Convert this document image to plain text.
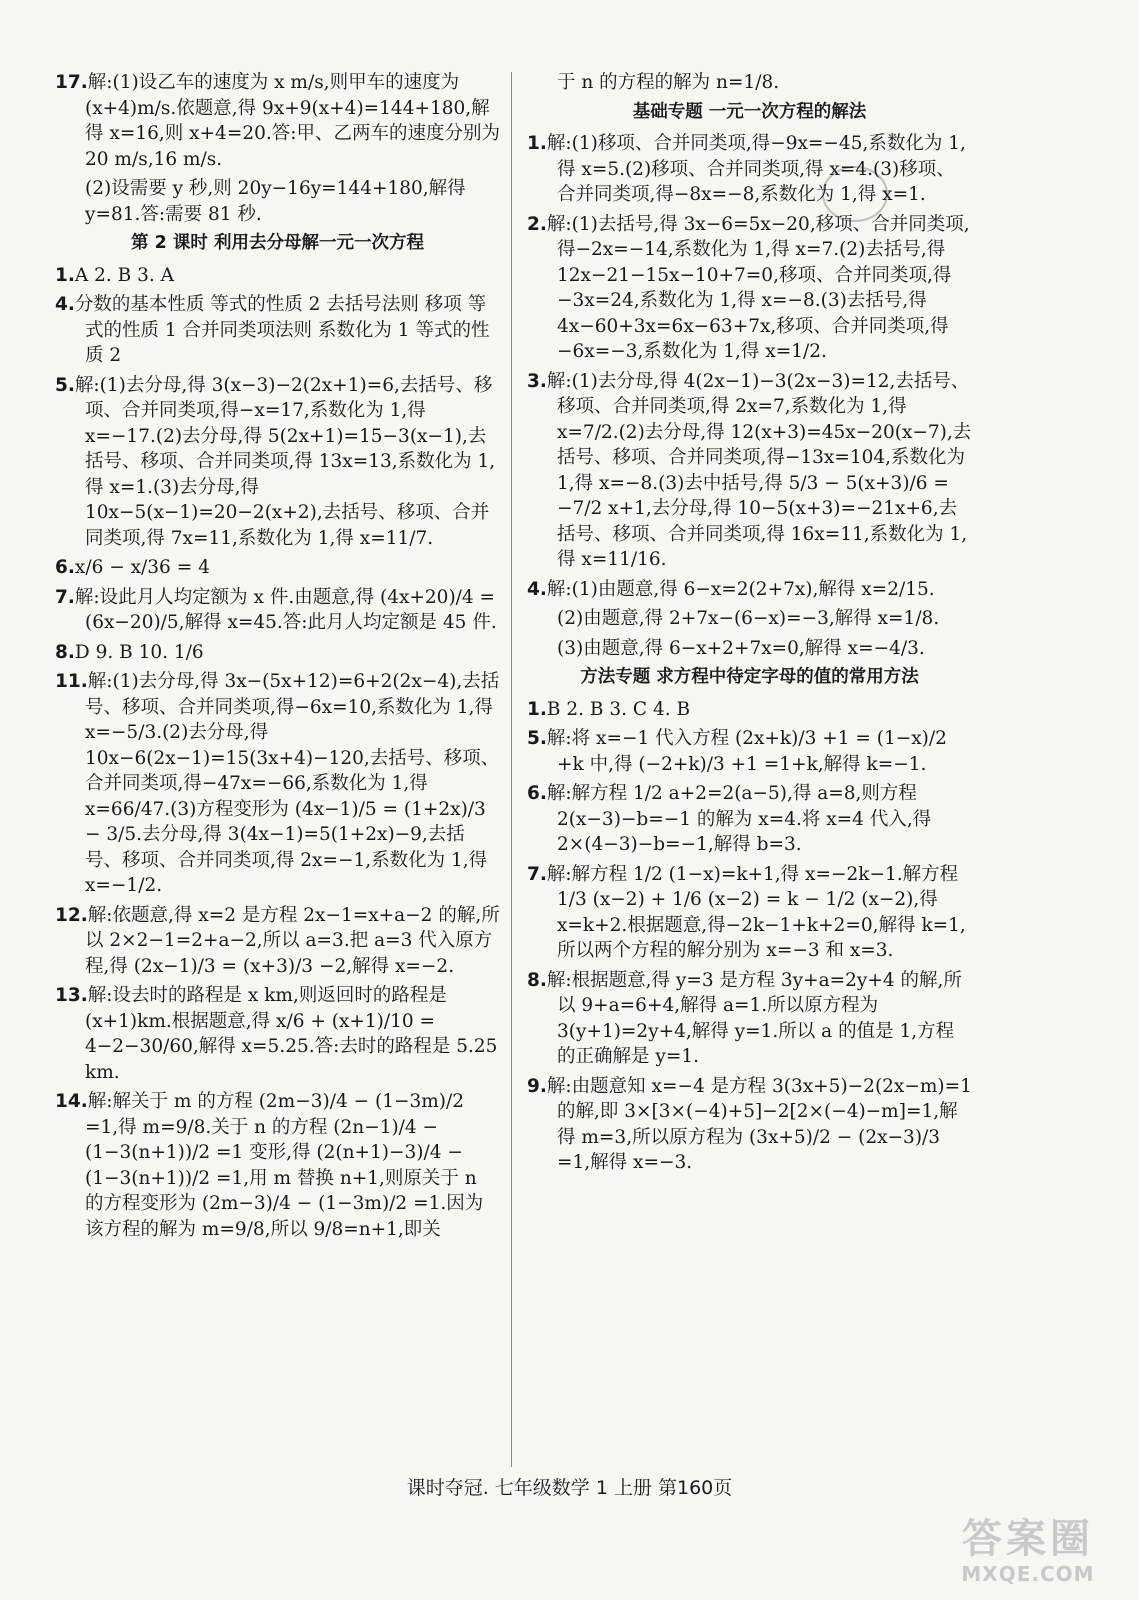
17.解:(1)设乙车的速度为 x m/s,则甲车的速度为(x+4)m/s.依题意,得 9x+9(x+4)=144+180,解得 x=16,则 x+4=20.答:甲、乙两车的速度分别为 20 m/s,16 m/s.
(2)设需要 y 秒,则 20y−16y=144+180,解得 y=81.答:需要 81 秒.
第 2 课时 利用去分母解一元一次方程
1.A 2. B 3. A
4.分数的基本性质 等式的性质 2 去括号法则 移项 等式的性质 1 合并同类项法则 系数化为 1 等式的性质 2
5.解:(1)去分母,得 3(x−3)−2(2x+1)=6,去括号、移项、合并同类项,得−x=17,系数化为 1,得 x=−17.(2)去分母,得 5(2x+1)=15−3(x−1),去括号、移项、合并同类项,得 13x=13,系数化为 1,得 x=1.(3)去分母,得 10x−5(x−1)=20−2(x+2),去括号、移项、合并同类项,得 7x=11,系数化为 1,得 x=11/7.
6.x/6 − x/36 = 4
7.解:设此月人均定额为 x 件.由题意,得 (4x+20)/4 = (6x−20)/5,解得 x=45.答:此月人均定额是 45 件.
8.D 9. B 10. 1/6
11.解:(1)去分母,得 3x−(5x+12)=6+2(2x−4),去括号、移项、合并同类项,得−6x=10,系数化为 1,得 x=−5/3.(2)去分母,得 10x−6(2x−1)=15(3x+4)−120,去括号、移项、合并同类项,得−47x=−66,系数化为 1,得 x=66/47.(3)方程变形为 (4x−1)/5 = (1+2x)/3 − 3/5.去分母,得 3(4x−1)=5(1+2x)−9,去括号、移项、合并同类项,得 2x=−1,系数化为 1,得 x=−1/2.
12.解:依题意,得 x=2 是方程 2x−1=x+a−2 的解,所以 2×2−1=2+a−2,所以 a=3.把 a=3 代入原方程,得 (2x−1)/3 = (x+3)/3 −2,解得 x=−2.
13.解:设去时的路程是 x km,则返回时的路程是(x+1)km.根据题意,得 x/6 + (x+1)/10 = 4−2−30/60,解得 x=5.25.答:去时的路程是 5.25 km.
14.解:解关于 m 的方程 (2m−3)/4 − (1−3m)/2 =1,得 m=9/8.关于 n 的方程 (2n−1)/4 − (1−3(n+1))/2 =1 变形,得 (2(n+1)−3)/4 − (1−3(n+1))/2 =1,用 m 替换 n+1,则原关于 n 的方程变形为 (2m−3)/4 − (1−3m)/2 =1.因为该方程的解为 m=9/8,所以 9/8=n+1,即关
于 n 的方程的解为 n=1/8.
基础专题 一元一次方程的解法
1.解:(1)移项、合并同类项,得−9x=−45,系数化为 1,得 x=5.(2)移项、合并同类项,得 x=4.(3)移项、合并同类项,得−8x=−8,系数化为 1,得 x=1.
2.解:(1)去括号,得 3x−6=5x−20,移项、合并同类项,得−2x=−14,系数化为 1,得 x=7.(2)去括号,得 12x−21−15x−10+7=0,移项、合并同类项,得−3x=24,系数化为 1,得 x=−8.(3)去括号,得 4x−60+3x=6x−63+7x,移项、合并同类项,得−6x=−3,系数化为 1,得 x=1/2.
3.解:(1)去分母,得 4(2x−1)−3(2x−3)=12,去括号、移项、合并同类项,得 2x=7,系数化为 1,得 x=7/2.(2)去分母,得 12(x+3)=45x−20(x−7),去括号、移项、合并同类项,得−13x=104,系数化为 1,得 x=−8.(3)去中括号,得 5/3 − 5(x+3)/6 = −7/2 x+1,去分母,得 10−5(x+3)=−21x+6,去括号、移项、合并同类项,得 16x=11,系数化为 1,得 x=11/16.
4.解:(1)由题意,得 6−x=2(2+7x),解得 x=2/15.
(2)由题意,得 2+7x−(6−x)=−3,解得 x=1/8.
(3)由题意,得 6−x+2+7x=0,解得 x=−4/3.
方法专题 求方程中待定字母的值的常用方法
1.B 2. B 3. C 4. B
5.解:将 x=−1 代入方程 (2x+k)/3 +1 = (1−x)/2 +k 中,得 (−2+k)/3 +1 =1+k,解得 k=−1.
6.解:解方程 1/2 a+2=2(a−5),得 a=8,则方程 2(x−3)−b=−1 的解为 x=4.将 x=4 代入,得 2×(4−3)−b=−1,解得 b=3.
7.解:解方程 1/2 (1−x)=k+1,得 x=−2k−1.解方程 1/3 (x−2) + 1/6 (x−2) = k − 1/2 (x−2),得 x=k+2.根据题意,得−2k−1+k+2=0,解得 k=1,所以两个方程的解分别为 x=−3 和 x=3.
8.解:根据题意,得 y=3 是方程 3y+a=2y+4 的解,所以 9+a=6+4,解得 a=1.所以原方程为 3(y+1)=2y+4,解得 y=1.所以 a 的值是 1,方程的正确解是 y=1.
9.解:由题意知 x=−4 是方程 3(3x+5)−2(2x−m)=1 的解,即 3×[3×(−4)+5]−2[2×(−4)−m]=1,解得 m=3,所以原方程为 (3x+5)/2 − (2x−3)/3 =1,解得 x=−3.
课时夺冠. 七年级数学 1 上册 第160页
答案圈
MXQE.COM
